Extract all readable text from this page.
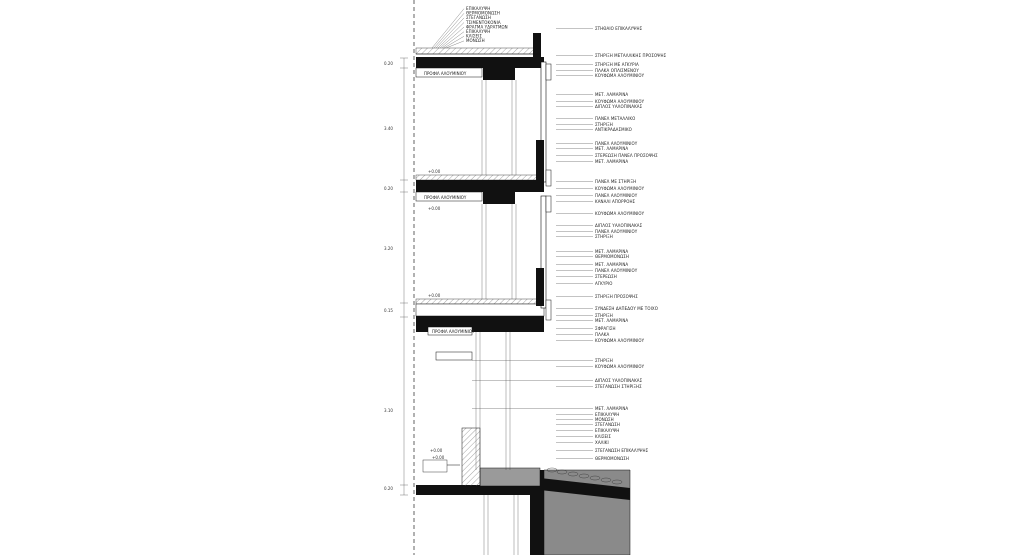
0.20
3.40
0.20
3.20
0.15
3.10
0.20
ΠΡΟΦΙΛ ΑΛΟΥΜΙΝΙΟΥ
ΠΡΟΦΙΛ ΑΛΟΥΜΙΝΙΟΥ
ΠΡΟΦΙΛ ΑΛΟΥΜΙΝΙΟΥ
+0.00
+0.00
+0.00
+0.00
+0.00
ΕΠΙΚΑΛΥΨΗ
ΘΕΡΜΟΜΟΝΩΣΗ
ΣΤΕΓΑΝΩΣΗ
ΤΣΙΜΕΝΤΟΚΟΝΙΑ
ΦΡΑΓΜΑ ΥΔΡΑΤΜΩΝ
ΕΠΙΚΑΛΥΨΗ
ΚΛΙΣΕΙΣ
ΜΟΝΩΣΗ
ΣΤΗΘΑΙΟ ΕΠΙΚΑΛΥΨΗΣ
ΣΤΗΡΙΞΗ ΜΕΤΑΛΛΙΚΗΣ ΠΡΟΣΟΨΗΣ
ΣΤΗΡΙΞΗ ΜΕ ΑΓΚΥΡΙΑ
ΠΛΑΚΑ ΟΠΛΙΣΜΕΝΟΥ
ΚΟΥΦΩΜΑ ΑΛΟΥΜΙΝΙΟΥ
ΜΕΤ. ΛΑΜΑΡΙΝΑ
ΚΟΥΦΩΜΑ ΑΛΟΥΜΙΝΙΟΥ
ΔΙΠΛΟΣ ΥΑΛΟΠΙΝΑΚΑΣ
ΠΑΝΕΛ ΜΕΤΑΛΛΙΚΟ
ΣΤΗΡΙΞΗ
ΑΝΤΙΚΡΑΔΑΣΜΙΚΟ
ΠΑΝΕΛ ΑΛΟΥΜΙΝΙΟΥ
ΜΕΤ. ΛΑΜΑΡΙΝΑ
ΣΤΕΡΕΩΣΗ ΠΑΝΕΛ ΠΡΟΣΟΨΗΣ
ΜΕΤ. ΛΑΜΑΡΙΝΑ
ΠΑΝΕΛ ΜΕ ΣΤΗΡΙΞΗ
ΚΟΥΦΩΜΑ ΑΛΟΥΜΙΝΙΟΥ
ΠΑΝΕΛ ΑΛΟΥΜΙΝΙΟΥ
ΚΑΝΑΛΙ ΑΠΟΡΡΟΗΣ
ΚΟΥΦΩΜΑ ΑΛΟΥΜΙΝΙΟΥ
ΔΙΠΛΟΣ ΥΑΛΟΠΙΝΑΚΑΣ
ΠΑΝΕΛ ΑΛΟΥΜΙΝΙΟΥ
ΣΤΗΡΙΞΗ
ΜΕΤ. ΛΑΜΑΡΙΝΑ
ΘΕΡΜΟΜΟΝΩΣΗ
ΜΕΤ. ΛΑΜΑΡΙΝΑ
ΠΑΝΕΛ ΑΛΟΥΜΙΝΙΟΥ
ΣΤΕΡΕΩΣΗ
ΑΓΚΥΡΙΟ
ΣΤΗΡΙΞΗ ΠΡΟΣΟΨΗΣ
ΣΥΝΔΕΣΗ ΔΑΠΕΔΟΥ ΜΕ ΤΟΙΧΟ
ΣΤΗΡΙΞΗ
ΜΕΤ. ΛΑΜΑΡΙΝΑ
ΣΦΡΑΓΙΣΗ
ΠΛΑΚΑ
ΚΟΥΦΩΜΑ ΑΛΟΥΜΙΝΙΟΥ
ΣΤΗΡΙΞΗ
ΚΟΥΦΩΜΑ ΑΛΟΥΜΙΝΙΟΥ
ΔΙΠΛΟΣ ΥΑΛΟΠΙΝΑΚΑΣ
ΣΤΕΓΑΝΩΣΗ ΣΤΗΡΙΞΗΣ
ΜΕΤ. ΛΑΜΑΡΙΝΑ
ΕΠΙΚΑΛΥΨΗ
ΜΟΝΩΣΗ
ΣΤΕΓΑΝΩΣΗ
ΕΠΙΚΑΛΥΨΗ
ΚΛΙΣΕΙΣ
ΧΑΛΙΚΙ
ΣΤΕΓΑΝΩΣΗ ΕΠΙΚΑΛΥΨΗΣ
ΘΕΡΜΟΜΟΝΩΣΗ
